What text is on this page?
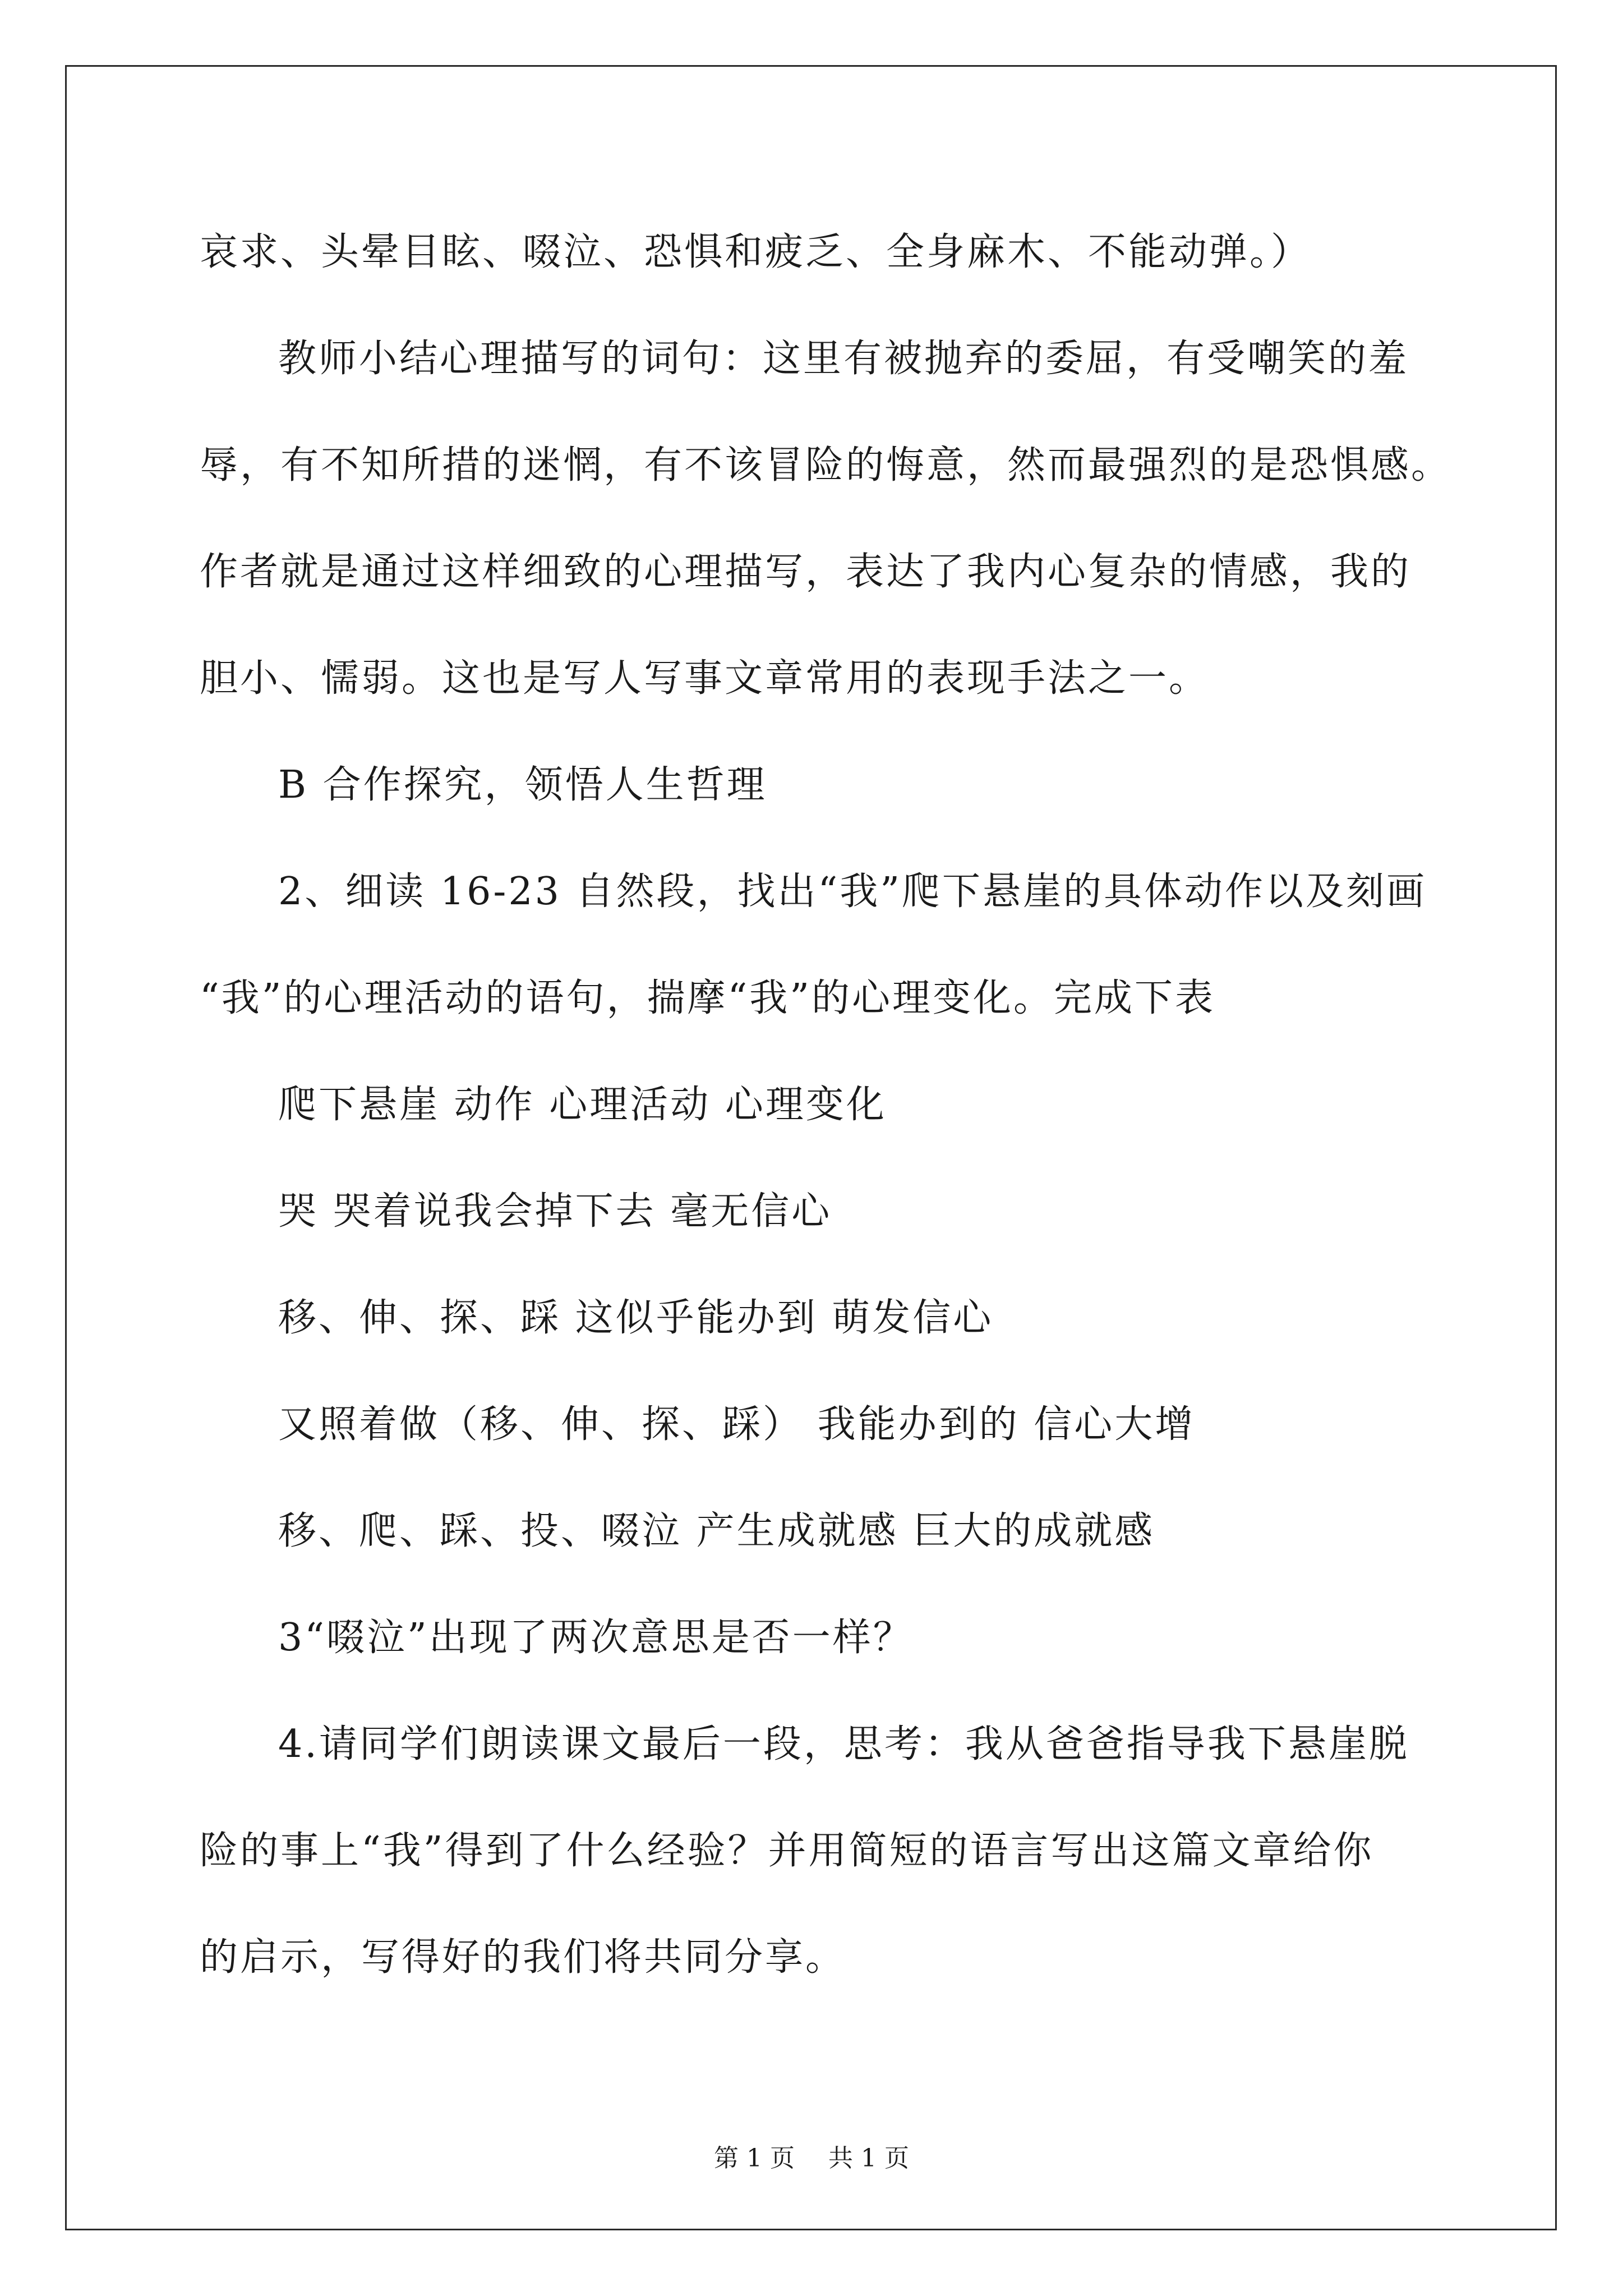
哀求、头晕目眩、啜泣、恐惧和疲乏、全身麻木、不能动弹。）
教师小结心理描写的词句：这里有被抛弃的委屈，有受嘲笑的羞
辱，有不知所措的迷惘，有不该冒险的悔意，然而最强烈的是恐惧感。
作者就是通过这样细致的心理描写，表达了我内心复杂的情感，我的
胆小、懦弱。这也是写人写事文章常用的表现手法之一。
B 合作探究，领悟人生哲理
2、细读 16-23 自然段，找出“我”爬下悬崖的具体动作以及刻画
“我”的心理活动的语句，揣摩“我”的心理变化。完成下表
爬下悬崖 动作 心理活动 心理变化
哭 哭着说我会掉下去 毫无信心
移、伸、探、踩 这似乎能办到 萌发信心
又照着做（移、伸、探、踩） 我能办到的 信心大增
移、爬、踩、投、啜泣 产生成就感 巨大的成就感
3“啜泣”出现了两次意思是否一样？
4.请同学们朗读课文最后一段，思考：我从爸爸指导我下悬崖脱
险的事上“我”得到了什么经验？并用简短的语言写出这篇文章给你
的启示，写得好的我们将共同分享。
第 1 页 共 1 页
